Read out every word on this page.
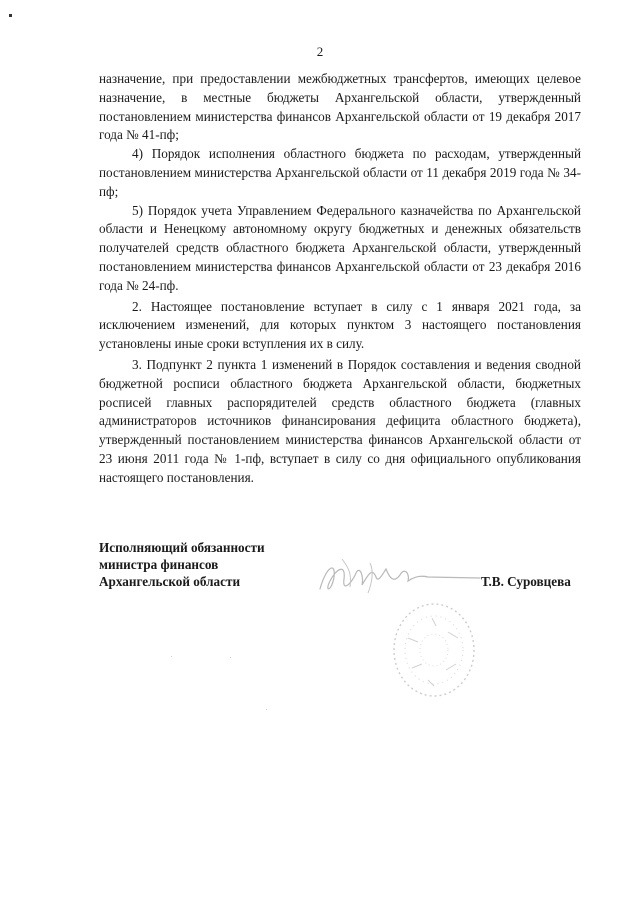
2

назначение, при предоставлении межбюджетных трансфертов, имеющих целевое назначение, в местные бюджеты Архангельской области, утвержденный постановлением министерства финансов Архангельской области от 19 декабря 2017 года № 41-пф;

4) Порядок исполнения областного бюджета по расходам, утвержденный постановлением министерства Архангельской области от 11 декабря 2019 года № 34-пф;

5) Порядок учета Управлением Федерального казначейства по Архангельской области и Ненецкому автономному округу бюджетных и денежных обязательств получателей средств областного бюджета Архангельской области, утвержденный постановлением министерства финансов Архангельской области от 23 декабря 2016 года № 24-пф.

2. Настоящее постановление вступает в силу с 1 января 2021 года, за исключением изменений, для которых пунктом 3 настоящего постановления установлены иные сроки вступления их в силу.

3. Подпункт 2 пункта 1 изменений в Порядок составления и ведения сводной бюджетной росписи областного бюджета Архангельской области, бюджетных росписей главных распорядителей средств областного бюджета (главных администраторов источников финансирования дефицита областного бюджета), утвержденный постановлением министерства финансов Архангельской области от 23 июня 2011 года № 1-пф, вступает в силу со дня официального опубликования настоящего постановления.

Исполняющий обязанности
министра финансов
Архангельской области	Т.В. Суровцева
